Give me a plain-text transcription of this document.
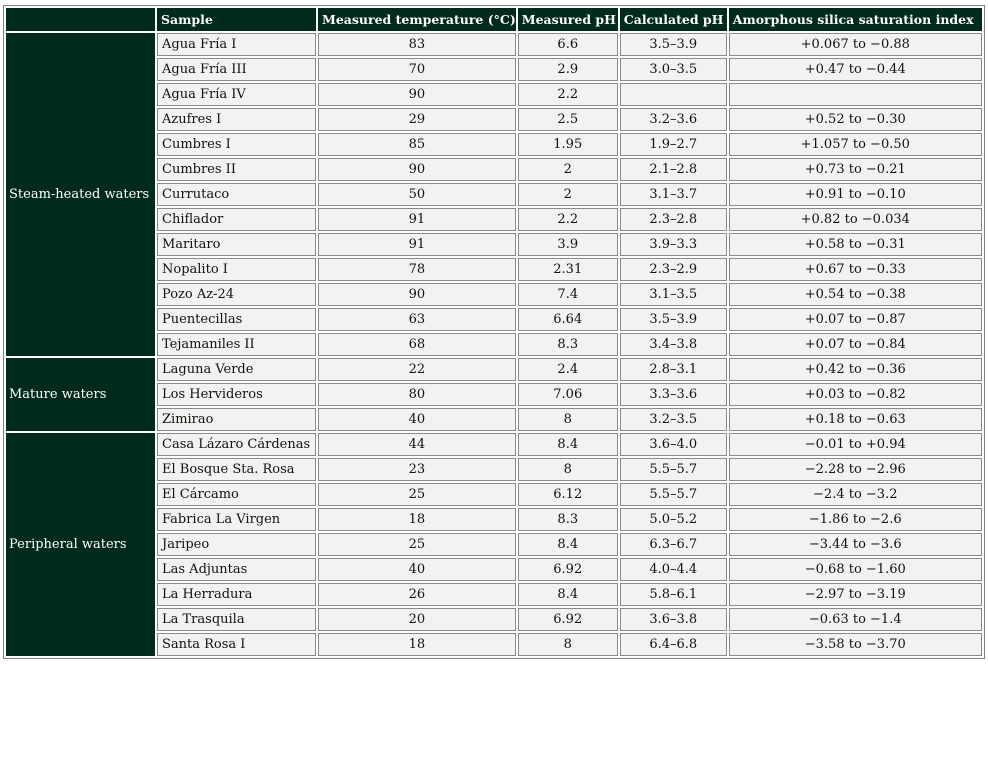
	Sample	Measured temperature (°C)	Measured pH	Calculated pH	Amorphous silica saturation index
Steam-heated waters	Agua Fría I	83	6.6	3.5–3.9	+0.067 to −0.88
	Agua Fría III	70	2.9	3.0–3.5	+0.47 to −0.44
	Agua Fría IV	90	2.2		
	Azufres I	29	2.5	3.2–3.6	+0.52 to −0.30
	Cumbres I	85	1.95	1.9–2.7	+1.057 to −0.50
	Cumbres II	90	2	2.1–2.8	+0.73 to −0.21
	Currutaco	50	2	3.1–3.7	+0.91 to −0.10
	Chiflador	91	2.2	2.3–2.8	+0.82 to −0.034
	Maritaro	91	3.9	3.9–3.3	+0.58 to −0.31
	Nopalito I	78	2.31	2.3–2.9	+0.67 to −0.33
	Pozo Az-24	90	7.4	3.1–3.5	+0.54 to −0.38
	Puentecillas	63	6.64	3.5–3.9	+0.07 to −0.87
	Tejamaniles II	68	8.3	3.4–3.8	+0.07 to −0.84
Mature waters	Laguna Verde	22	2.4	2.8–3.1	+0.42 to −0.36
	Los Hervideros	80	7.06	3.3–3.6	+0.03 to −0.82
	Zimirao	40	8	3.2–3.5	+0.18 to −0.63
Peripheral waters	Casa Lázaro Cárdenas	44	8.4	3.6–4.0	−0.01 to +0.94
	El Bosque Sta. Rosa	23	8	5.5–5.7	−2.28 to −2.96
	El Cárcamo	25	6.12	5.5–5.7	−2.4 to −3.2
	Fabrica La Virgen	18	8.3	5.0–5.2	−1.86 to −2.6
	Jaripeo	25	8.4	6.3–6.7	−3.44 to −3.6
	Las Adjuntas	40	6.92	4.0–4.4	−0.68 to −1.60
	La Herradura	26	8.4	5.8–6.1	−2.97 to −3.19
	La Trasquila	20	6.92	3.6–3.8	−0.63 to −1.4
	Santa Rosa I	18	8	6.4–6.8	−3.58 to −3.70
